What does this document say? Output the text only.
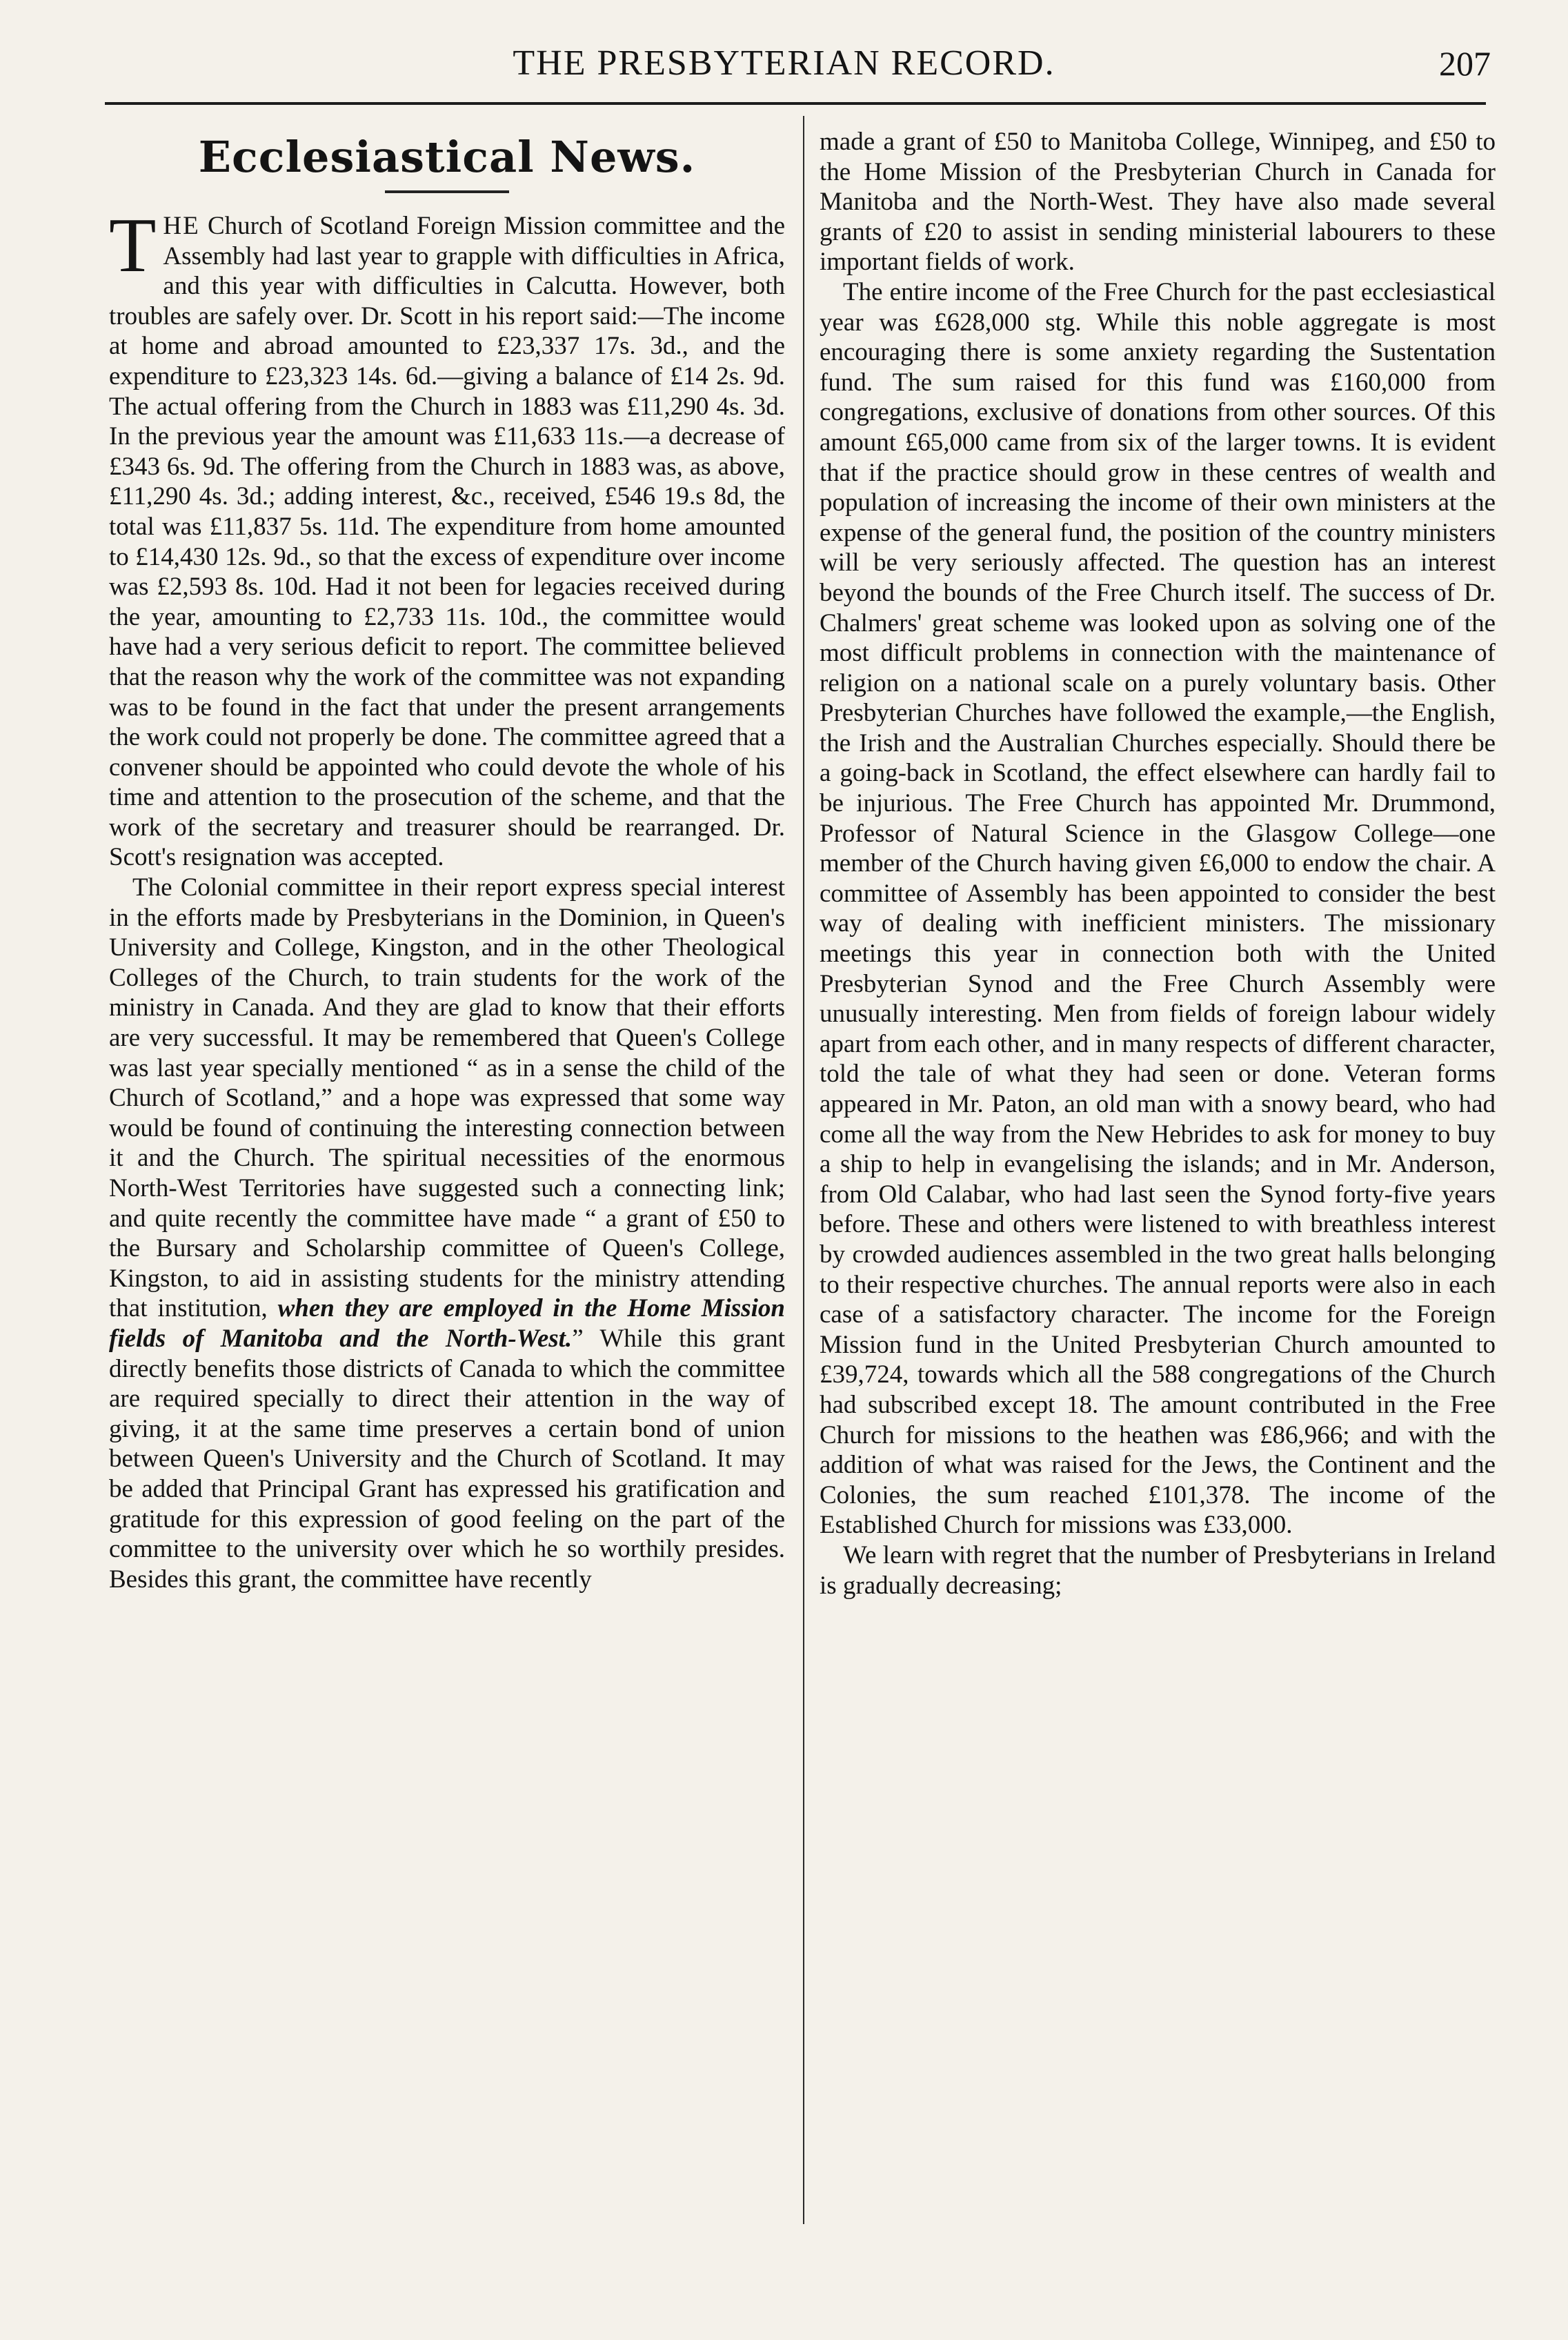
THE PRESBYTERIAN RECORD.	207
Ecclesiastical News.

THE Church of Scotland Foreign Mission committee and the Assembly had last year to grapple with difficulties in Africa, and this year with difficulties in Calcutta. However, both troubles are safely over. Dr. Scott in his report said:—The income at home and abroad amounted to £23,337 17s. 3d., and the expenditure to £23,323 14s. 6d.—giving a balance of £14 2s. 9d. The actual offering from the Church in 1883 was £11,290 4s. 3d. In the previous year the amount was £11,633 11s.—a decrease of £343 6s. 9d. The offering from the Church in 1883 was, as above, £11,290 4s. 3d.; adding interest, &c., received, £546 19.s 8d, the total was £11,837 5s. 11d. The expenditure from home amounted to £14,430 12s. 9d., so that the excess of expenditure over income was £2,593 8s. 10d. Had it not been for legacies received during the year, amounting to £2,733 11s. 10d., the committee would have had a very serious deficit to report. The committee believed that the reason why the work of the committee was not expanding was to be found in the fact that under the present arrangements the work could not properly be done. The committee agreed that a convener should be appointed who could devote the whole of his time and attention to the prosecution of the scheme, and that the work of the secretary and treasurer should be rearranged. Dr. Scott's resignation was accepted.

The Colonial committee in their report express special interest in the efforts made by Presbyterians in the Dominion, in Queen's University and College, Kingston, and in the other Theological Colleges of the Church, to train students for the work of the ministry in Canada. And they are glad to know that their efforts are very successful. It may be remembered that Queen's College was last year specially mentioned “ as in a sense the child of the Church of Scotland,” and a hope was expressed that some way would be found of continuing the interesting connection between it and the Church. The spiritual necessities of the enormous North-West Territories have suggested such a connecting link; and quite recently the committee have made “ a grant of £50 to the Bursary and Scholarship committee of Queen's College, Kingston, to aid in assisting students for the ministry attending that institution, when they are employed in the Home Mission fields of Manitoba and the North-West.” While this grant directly benefits those districts of Canada to which the committee are required specially to direct their attention in the way of giving, it at the same time preserves a certain bond of union between Queen's University and the Church of Scotland. It may be added that Principal Grant has expressed his gratification and gratitude for this expression of good feeling on the part of the committee to the university over which he so worthily presides. Besides this grant, the committee have recently

made a grant of £50 to Manitoba College, Winnipeg, and £50 to the Home Mission of the Presbyterian Church in Canada for Manitoba and the North-West. They have also made several grants of £20 to assist in sending ministerial labourers to these important fields of work.

The entire income of the Free Church for the past ecclesiastical year was £628,000 stg. While this noble aggregate is most encouraging there is some anxiety regarding the Sustentation fund. The sum raised for this fund was £160,000 from congregations, exclusive of donations from other sources. Of this amount £65,000 came from six of the larger towns. It is evident that if the practice should grow in these centres of wealth and population of increasing the income of their own ministers at the expense of the general fund, the position of the country ministers will be very seriously affected. The question has an interest beyond the bounds of the Free Church itself. The success of Dr. Chalmers' great scheme was looked upon as solving one of the most difficult problems in connection with the maintenance of religion on a national scale on a purely voluntary basis. Other Presbyterian Churches have followed the example,—the English, the Irish and the Australian Churches especially. Should there be a going-back in Scotland, the effect elsewhere can hardly fail to be injurious. The Free Church has appointed Mr. Drummond, Professor of Natural Science in the Glasgow College—one member of the Church having given £6,000 to endow the chair. A committee of Assembly has been appointed to consider the best way of dealing with inefficient ministers. The missionary meetings this year in connection both with the United Presbyterian Synod and the Free Church Assembly were unusually interesting. Men from fields of foreign labour widely apart from each other, and in many respects of different character, told the tale of what they had seen or done. Veteran forms appeared in Mr. Paton, an old man with a snowy beard, who had come all the way from the New Hebrides to ask for money to buy a ship to help in evangelising the islands; and in Mr. Anderson, from Old Calabar, who had last seen the Synod forty-five years before. These and others were listened to with breathless interest by crowded audiences assembled in the two great halls belonging to their respective churches. The annual reports were also in each case of a satisfactory character. The income for the Foreign Mission fund in the United Presbyterian Church amounted to £39,724, towards which all the 588 congregations of the Church had subscribed except 18. The amount contributed in the Free Church for missions to the heathen was £86,966; and with the addition of what was raised for the Jews, the Continent and the Colonies, the sum reached £101,378. The income of the Established Church for missions was £33,000.

We learn with regret that the number of Presbyterians in Ireland is gradually decreasing;
